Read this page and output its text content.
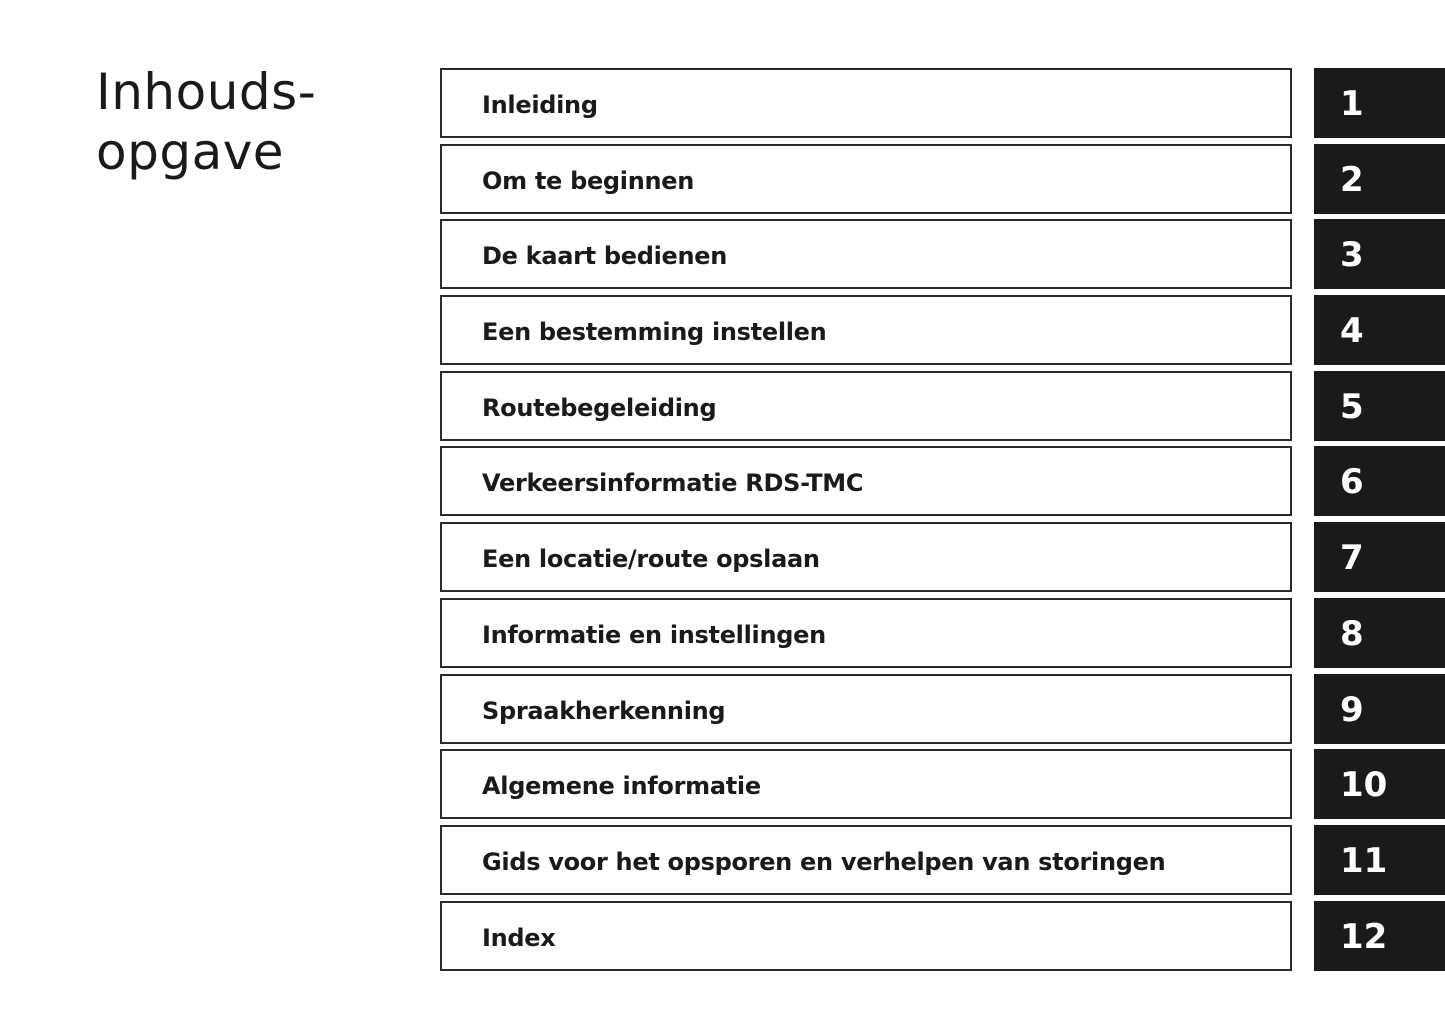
Inhouds-
opgave
Inleiding	1
Om te beginnen	2
De kaart bedienen	3
Een bestemming instellen	4
Routebegeleiding	5
Verkeersinformatie RDS-TMC	6
Een locatie/route opslaan	7
Informatie en instellingen	8
Spraakherkenning	9
Algemene informatie	10
Gids voor het opsporen en verhelpen van storingen	11
Index	12
